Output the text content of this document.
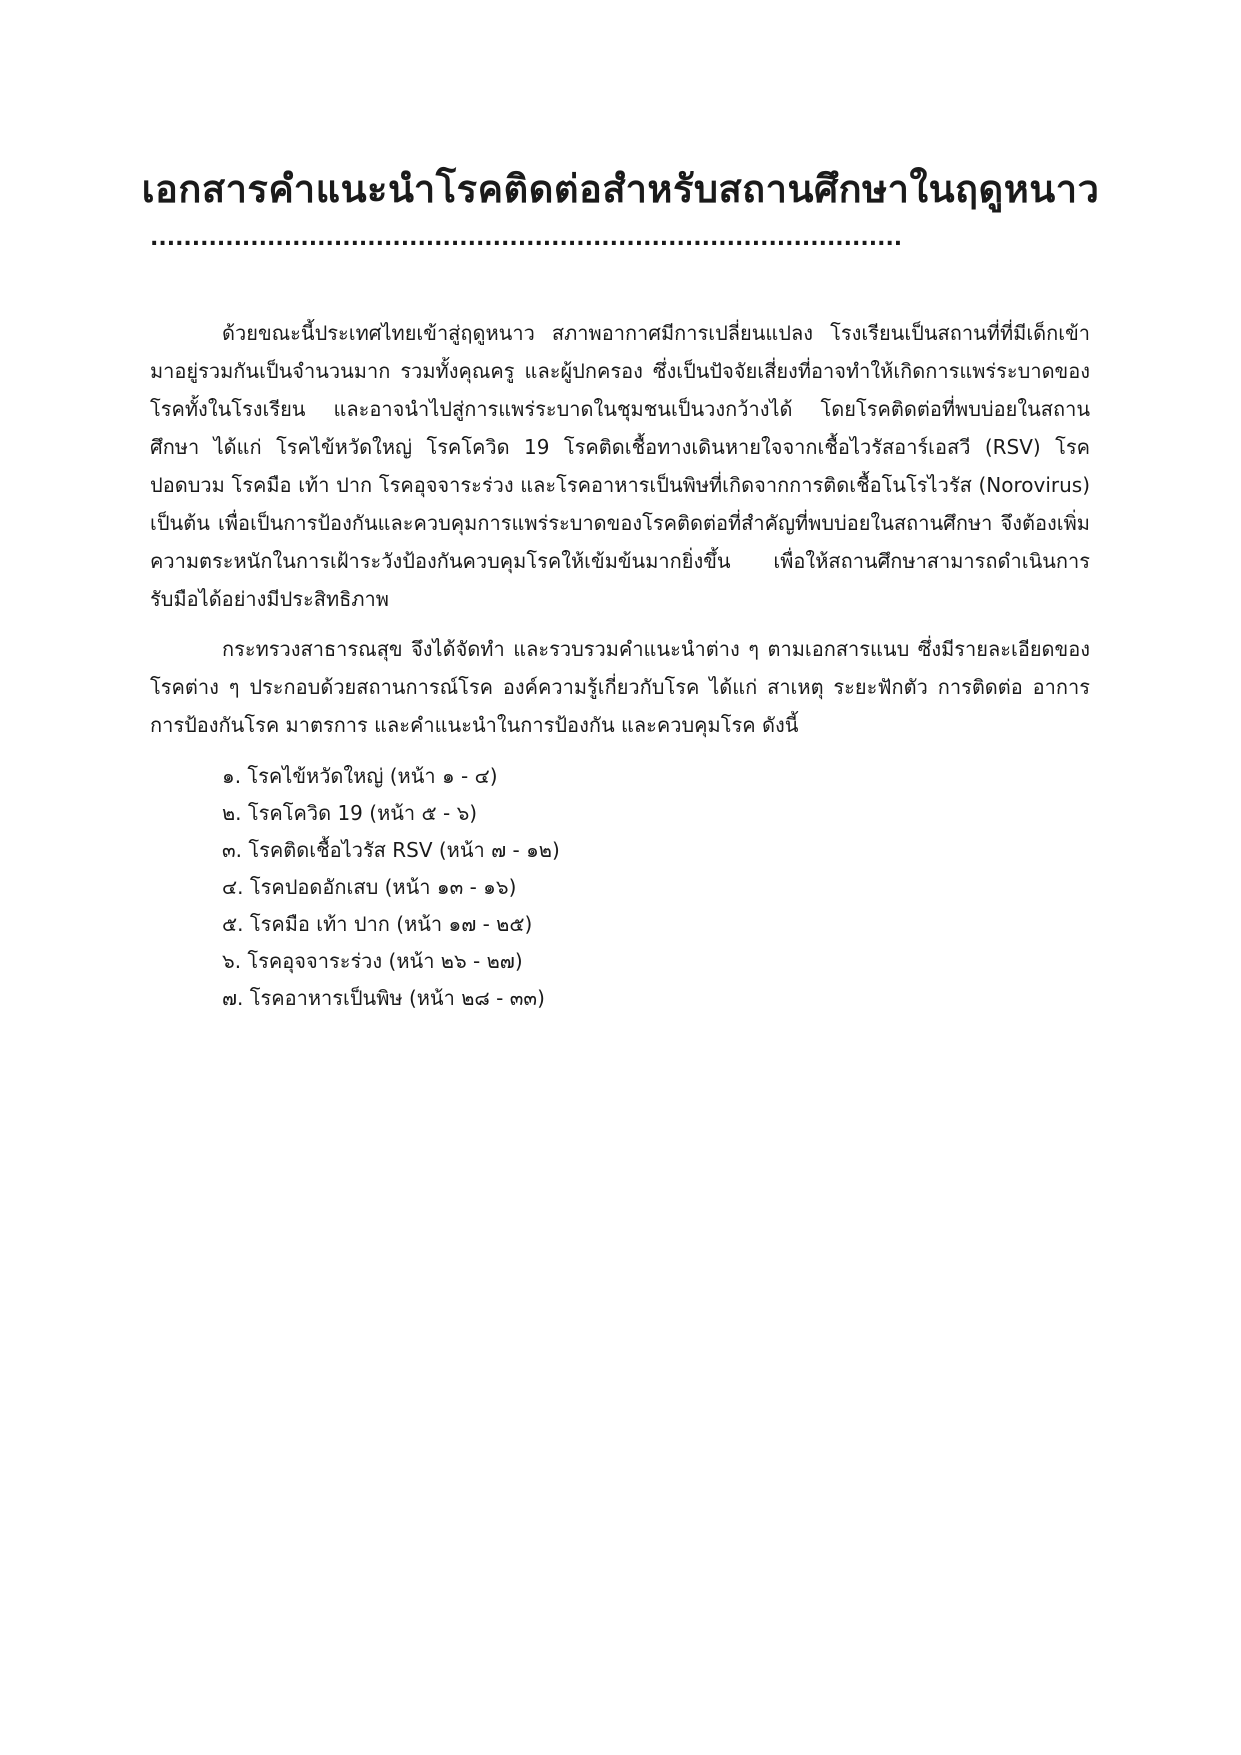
เอกสารคำแนะนำโรคติดต่อสำหรับสถานศึกษาในฤดูหนาว
..........................................................................................

ด้วยขณะนี้ประเทศไทยเข้าสู่ฤดูหนาว สภาพอากาศมีการเปลี่ยนแปลง โรงเรียนเป็นสถานที่ที่มีเด็กเข้ามาอยู่รวมกันเป็นจำนวนมาก รวมทั้งคุณครู และผู้ปกครอง ซึ่งเป็นปัจจัยเสี่ยงที่อาจทำให้เกิดการแพร่ระบาดของโรคทั้งในโรงเรียน และอาจนำไปสู่การแพร่ระบาดในชุมชนเป็นวงกว้างได้ โดยโรคติดต่อที่พบบ่อยในสถานศึกษา ได้แก่ โรคไข้หวัดใหญ่ โรคโควิด 19 โรคติดเชื้อทางเดินหายใจจากเชื้อไวรัสอาร์เอสวี (RSV) โรคปอดบวม โรคมือ เท้า ปาก โรคอุจจาระร่วง และโรคอาหารเป็นพิษที่เกิดจากการติดเชื้อโนโรไวรัส (Norovirus) เป็นต้น เพื่อเป็นการป้องกันและควบคุมการแพร่ระบาดของโรคติดต่อที่สำคัญที่พบบ่อยในสถานศึกษา จึงต้องเพิ่มความตระหนักในการเฝ้าระวังป้องกันควบคุมโรคให้เข้มข้นมากยิ่งขึ้น เพื่อให้สถานศึกษาสามารถดำเนินการรับมือได้อย่างมีประสิทธิภาพ

กระทรวงสาธารณสุข จึงได้จัดทำ และรวบรวมคำแนะนำต่าง ๆ ตามเอกสารแนบ ซึ่งมีรายละเอียดของโรคต่าง ๆ ประกอบด้วยสถานการณ์โรค องค์ความรู้เกี่ยวกับโรค ได้แก่ สาเหตุ ระยะฟักตัว การติดต่อ อาการ การป้องกันโรค มาตรการ และคำแนะนำในการป้องกัน และควบคุมโรค ดังนี้

๑. โรคไข้หวัดใหญ่ (หน้า ๑ - ๔)
๒. โรคโควิด 19 (หน้า ๕ - ๖)
๓. โรคติดเชื้อไวรัส RSV (หน้า ๗ - ๑๒)
๔. โรคปอดอักเสบ (หน้า ๑๓ - ๑๖)
๕. โรคมือ เท้า ปาก (หน้า ๑๗ - ๒๕)
๖. โรคอุจจาระร่วง (หน้า ๒๖ - ๒๗)
๗. โรคอาหารเป็นพิษ (หน้า ๒๘ - ๓๓)
